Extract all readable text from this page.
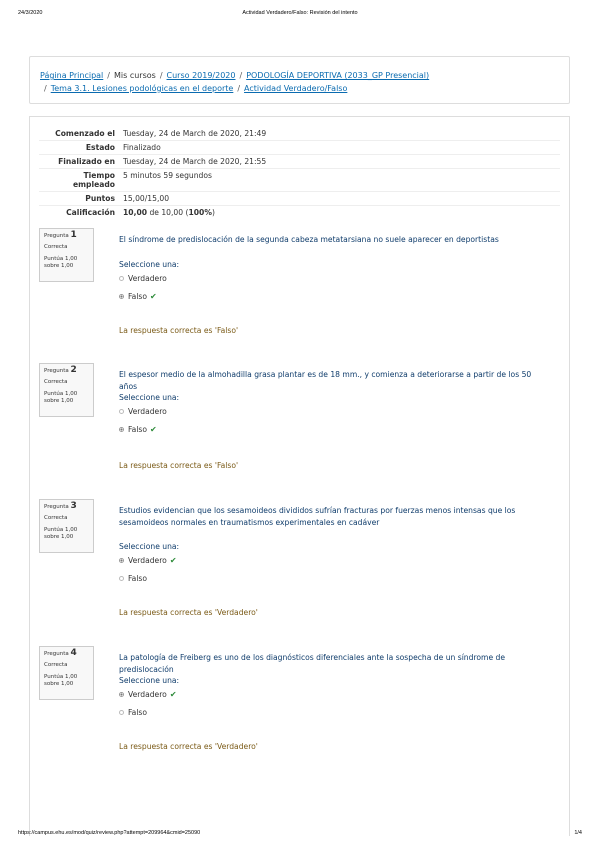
24/3/2020	Actividad Verdadero/Falso: Revisión del intento
Página Principal / Mis cursos / Curso 2019/2020 / PODOLOGÍA DEPORTIVA (2033_GP Presencial)
/ Tema 3.1. Lesiones podológicas en el deporte / Actividad Verdadero/Falso
Comenzado el	Tuesday, 24 de March de 2020, 21:49
Estado	Finalizado
Finalizado en	Tuesday, 24 de March de 2020, 21:55
Tiempo empleado	5 minutos 59 segundos
Puntos	15,00/15,00
Calificación	10,00 de 10,00 (100%)
Pregunta 1
Correcta
Puntúa 1,00
sobre 1,00
El síndrome de predislocación de la segunda cabeza metatarsiana no suele aparecer en deportistas
Seleccione una:
Verdadero
Falso ✔
La respuesta correcta es 'Falso'
Pregunta 2
Correcta
Puntúa 1,00
sobre 1,00
El espesor medio de la almohadilla grasa plantar es de 18 mm., y comienza a deteriorarse a partir de los 50 años
Seleccione una:
Verdadero
Falso ✔
La respuesta correcta es 'Falso'
Pregunta 3
Correcta
Puntúa 1,00
sobre 1,00
Estudios evidencian que los sesamoideos divididos sufrían fracturas por fuerzas menos intensas que los sesamoideos normales en traumatismos experimentales en cadáver
Seleccione una:
Verdadero ✔
Falso
La respuesta correcta es 'Verdadero'
Pregunta 4
Correcta
Puntúa 1,00
sobre 1,00
La patología de Freiberg es uno de los diagnósticos diferenciales ante la sospecha de un síndrome de predislocación
Seleccione una:
Verdadero ✔
Falso
La respuesta correcta es 'Verdadero'
https://campus.ehu.es/mod/quiz/review.php?attempt=209964&cmid=25090	1/4
